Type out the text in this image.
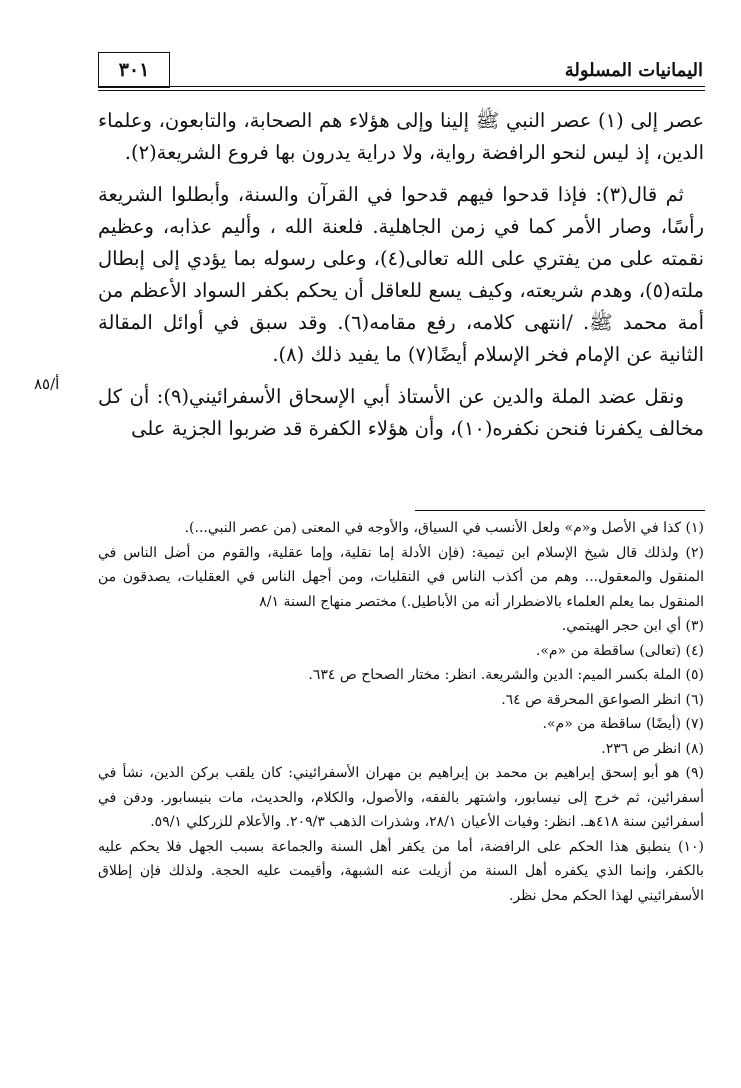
اليمانيات المسلولة
٣٠١

عصر إلى (١) عصر النبي ﷺ إلينا وإلى هؤلاء هم الصحابة، والتابعون، وعلماء الدين، إذ ليس لنحو الرافضة رواية، ولا دراية يدرون بها فروع الشريعة(٢).

ثم قال(٣): فإذا قدحوا فيهم قدحوا في القرآن والسنة، وأبطلوا الشريعة رأسًا، وصار الأمر كما في زمن الجاهلية. فلعنة الله ، وأليم عذابه، وعظيم نقمته على من يفتري على الله تعالى(٤)، وعلى رسوله بما يؤدي إلى إبطال ملته(٥)، وهدم شريعته، وكيف يسع للعاقل أن يحكم بكفر السواد الأعظم من أمة محمد ﷺ. /انتهى كلامه، رفع مقامه(٦). وقد سبق في أوائل المقالة الثانية عن الإمام فخر الإسلام أيضًا(٧) ما يفيد ذلك (٨).

ونقل عضد الملة والدين عن الأستاذ أبي الإسحاق الأسفرائيني(٩): أن كل مخالف يكفرنا فنحن نكفره(١٠)، وأن هؤلاء الكفرة قد ضربوا الجزية على

أ/٨٥

(١) كذا في الأصل و«م» ولعل الأنسب في السياق، والأوجه في المعنى (من عصر النبي...).

(٢) ولذلك قال شيخ الإسلام ابن تيمية: (فإن الأدلة إما نقلية، وإما عقلية، والقوم من أضل الناس في المنقول والمعقول... وهم من أكذب الناس في النقليات، ومن أجهل الناس في العقليات، يصدقون من المنقول بما يعلم العلماء بالاضطرار أنه من الأباطيل.) مختصر منهاج السنة ٨/١

(٣) أي ابن حجر الهيتمي.

(٤) (تعالى) ساقطة من «م».

(٥) الملة بكسر الميم: الدين والشريعة. انظر: مختار الصحاح ص ٦٣٤.

(٦) انظر الصواعق المحرقة ص ٦٤.

(٧) (أيضًا) ساقطة من «م».

(٨) انظر ص ٢٣٦.

(٩) هو أبو إسحق إبراهيم بن محمد بن إبراهيم بن مهران الأسفرائيني: كان يلقب بركن الدين، نشأ في أسفرائين، ثم خرج إلى نيسابور، واشتهر بالفقه، والأصول، والكلام، والحديث، مات بنيسابور. ودفن في أسفرائين سنة ٤١٨هـ. انظر: وفيات الأعيان ٢٨/١، وشذرات الذهب ٢٠٩/٣. والأعلام للزركلي ٥٩/١.

(١٠) ينطبق هذا الحكم على الرافضة، أما من يكفر أهل السنة والجماعة بسبب الجهل فلا يحكم عليه بالكفر، وإنما الذي يكفره أهل السنة من أزيلت عنه الشبهة، وأقيمت عليه الحجة. ولذلك فإن إطلاق الأسفرائيني لهذا الحكم محل نظر.
